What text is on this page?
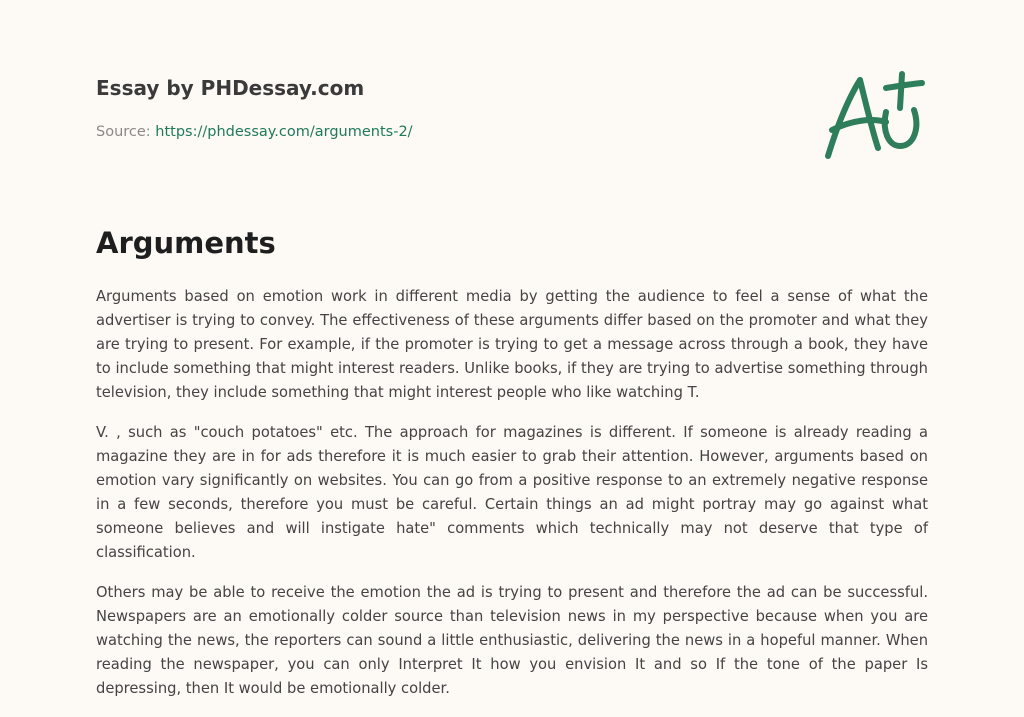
Essay by PHDessay.com

Source: https://phdessay.com/arguments-2/

Arguments

Arguments based on emotion work in different media by getting the audience to feel a sense of what the advertiser is trying to convey. The effectiveness of these arguments differ based on the promoter and what they are trying to present. For example, if the promoter is trying to get a message across through a book, they have to include something that might interest readers. Unlike books, if they are trying to advertise something through television, they include something that might interest people who like watching T.

V. , such as "couch potatoes" etc. The approach for magazines is different. If someone is already reading a magazine they are in for ads therefore it is much easier to grab their attention. However, arguments based on emotion vary significantly on websites. You can go from a positive response to an extremely negative response in a few seconds, therefore you must be careful. Certain things an ad might portray may go against what someone believes and will instigate hate" comments which technically may not deserve that type of classification.

Others may be able to receive the emotion the ad is trying to present and therefore the ad can be successful. Newspapers are an emotionally colder source than television news in my perspective because when you are watching the news, the reporters can sound a little enthusiastic, delivering the news in a hopeful manner. When reading the newspaper, you can only Interpret It how you envision It and so If the tone of the paper Is depressing, then It would be emotionally colder.
